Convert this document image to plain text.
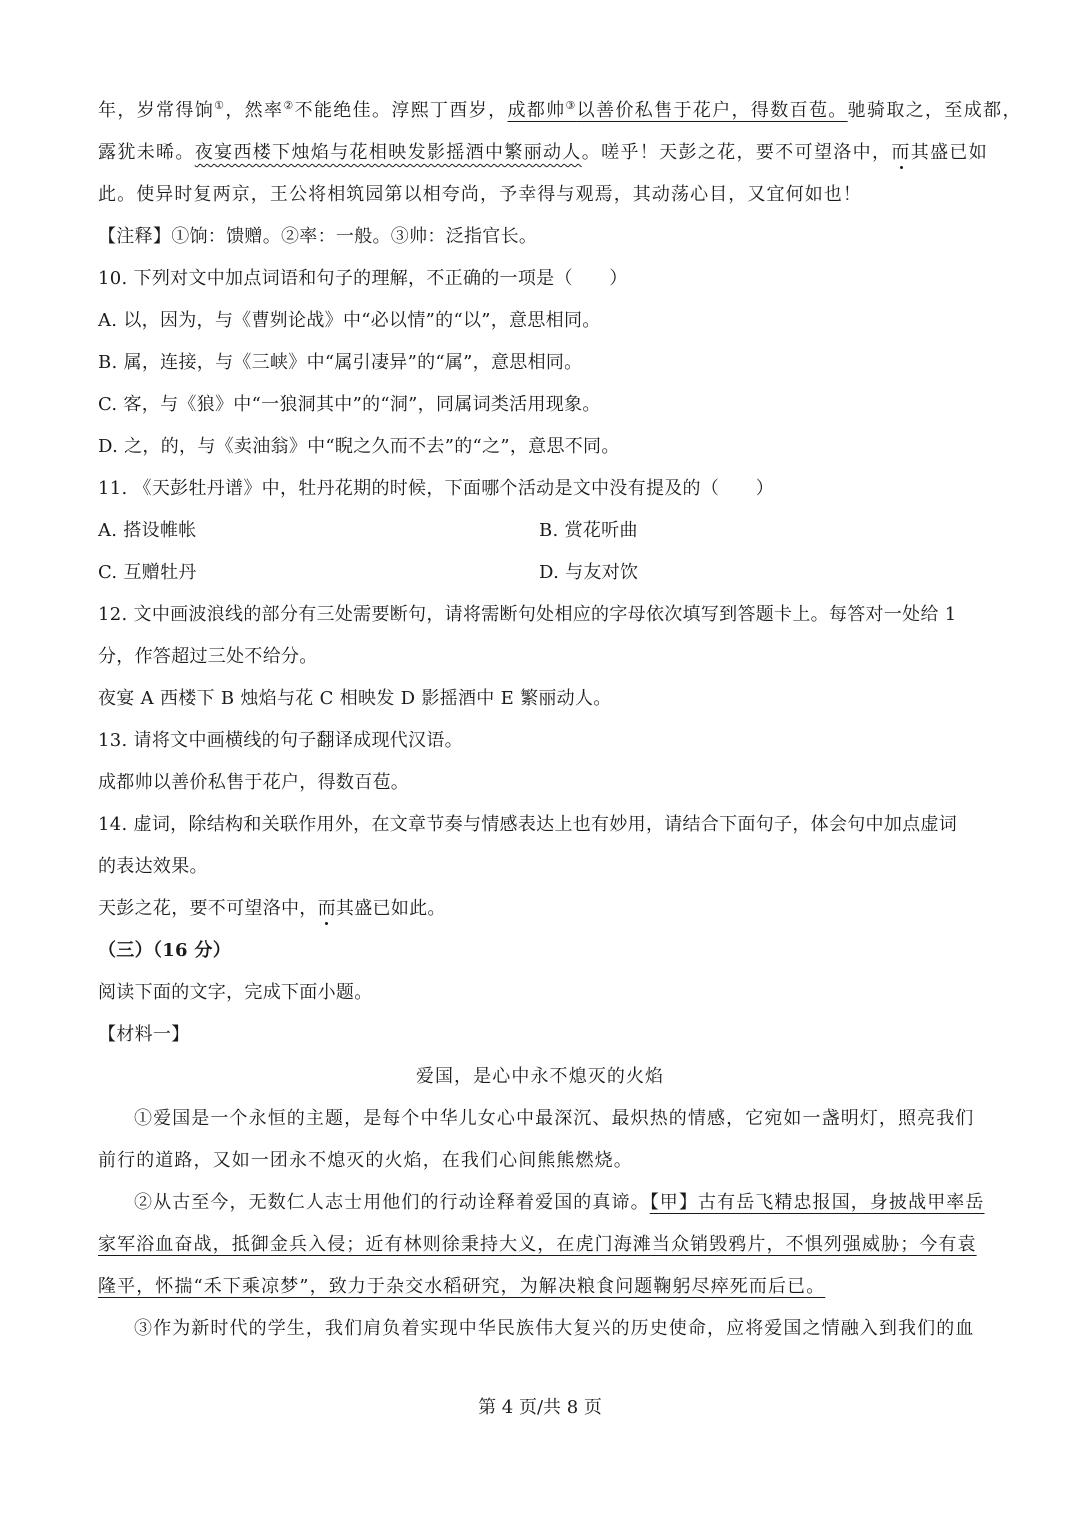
年，岁常得饷①，然率②不能绝佳。淳熙丁酉岁，成都帅③以善价私售于花户，得数百苞。驰骑取之，至成都，
露犹未晞。夜宴西楼下烛焰与花相映发影摇酒中繁丽动人。嗟乎！天彭之花，要不可望洛中，而其盛已如
此。使异时复两京，王公将相筑园第以相夸尚，予幸得与观焉，其动荡心目，又宜何如也！
【注释】①饷：馈赠。②率：一般。③帅：泛指官长。
10. 下列对文中加点词语和句子的理解，不正确的一项是（　　）
A. 以，因为，与《曹刿论战》中“必以情”的“以”，意思相同。
B. 属，连接，与《三峡》中“属引凄异”的“属”，意思相同。
C. 客，与《狼》中“一狼洞其中”的“洞”，同属词类活用现象。
D. 之，的，与《卖油翁》中“睨之久而不去”的“之”，意思不同。
11. 《天彭牡丹谱》中，牡丹花期的时候，下面哪个活动是文中没有提及的（　　）
A. 搭设帷帐	B. 赏花听曲
C. 互赠牡丹	D. 与友对饮
12. 文中画波浪线的部分有三处需要断句，请将需断句处相应的字母依次填写到答题卡上。每答对一处给 1
分，作答超过三处不给分。
夜宴 A 西楼下 B 烛焰与花 C 相映发 D 影摇酒中 E 繁丽动人。
13. 请将文中画横线的句子翻译成现代汉语。
成都帅以善价私售于花户，得数百苞。
14. 虚词，除结构和关联作用外，在文章节奏与情感表达上也有妙用，请结合下面句子，体会句中加点虚词
的表达效果。
天彭之花，要不可望洛中，而其盛已如此。
（三）（16 分）
阅读下面的文字，完成下面小题。
【材料一】
爱国，是心中永不熄灭的火焰
①爱国是一个永恒的主题，是每个中华儿女心中最深沉、最炽热的情感，它宛如一盏明灯，照亮我们
前行的道路，又如一团永不熄灭的火焰，在我们心间熊熊燃烧。
②从古至今，无数仁人志士用他们的行动诠释着爱国的真谛。【甲】古有岳飞精忠报国，身披战甲率岳
家军浴血奋战，抵御金兵入侵；近有林则徐秉持大义，在虎门海滩当众销毁鸦片，不惧列强威胁；今有袁
隆平，怀揣“禾下乘凉梦”，致力于杂交水稻研究，为解决粮食问题鞠躬尽瘁死而后已。
③作为新时代的学生，我们肩负着实现中华民族伟大复兴的历史使命，应将爱国之情融入到我们的血
第 4 页/共 8 页
